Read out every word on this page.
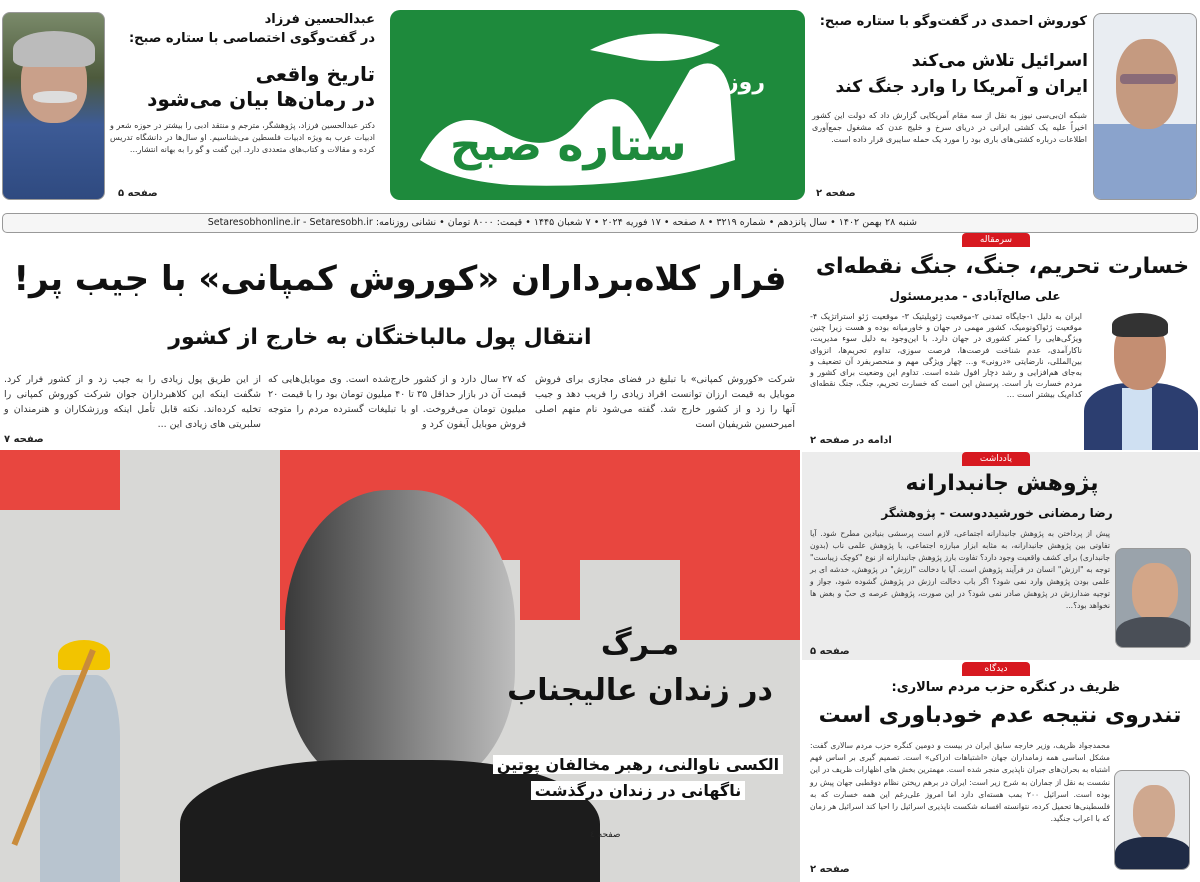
عبدالحسین فرزاد
در گفت‌وگوی اختصاصی با ستاره صبح:
تاریخ واقعی
در رمان‌ها بیان می‌شود
دکتر عبدالحسین فرزاد، پژوهشگر، مترجم و منتقد ادبی را بیشتر در حوزه شعر و ادبیات عرب به ویژه ادبیات فلسطین می‌شناسیم. او سال‌ها در دانشگاه تدریس کرده و مقالات و کتاب‌های متعددی دارد. این گفت و گو را به بهانه انتشار...
صفحه ۵
روزنامه
ستاره صبح
کوروش احمدی در گفت‌وگو با ستاره صبح:
اسرائیل تلاش می‌کند
ایران و آمریکا را وارد جنگ کند
شبکه ان‌بی‌سی نیوز به نقل از سه مقام آمریکایی گزارش داد که دولت این کشور اخیراً علیه یک کشتی ایرانی در دریای سرخ و خلیج عدن که مشغول جمع‌آوری اطلاعات درباره کشتی‌های باری بود را مورد یک حمله سایبری قرار داده است.
صفحه ۲
شنبه ۲۸ بهمن ۱۴۰۲ • سال پانزدهم • شماره ۳۲۱۹ • ۸ صفحه • ۱۷ فوریه ۲۰۲۴ • ۷ شعبان ۱۴۴۵ • قیمت: ۸۰۰۰ تومان • نشانی روزنامه: Setaresobhonline.ir - Setaresobh.ir
فرار کلاه‌برداران «کوروش کمپانی» با جیب پر!
انتقال پول مالباختگان به خارج از کشور
شرکت «کوروش کمپانی» با تبلیغ در فضای مجازی برای فروش موبایل به قیمت ارزان توانست افراد زیادی را فریب دهد و جیب آنها را زد و از کشور خارج شد. گفته می‌شود نام متهم اصلی امیرحسین شریفیان است
که ۲۷ سال دارد و از کشور خارج‌شده است. وی موبایل‌هایی که قیمت آن در بازار حداقل ۳۵ تا ۴۰ میلیون تومان بود را با قیمت ۲۰ میلیون تومان می‌فروخت. او با تبلیغات گسترده مردم را متوجه فروش موبایل آیفون کرد و
از این طریق پول زیادی را به جیب زد و از کشور فرار کرد. شگفت اینکه این کلاهبرداران جوان شرکت کوروش کمپانی را تخلیه کرده‌اند. نکته قابل تأمل اینکه ورزشکاران و هنرمندان و سلبریتی های زیادی این ...
صفحه ۷
مـرگ
در زندان عالیجناب
الکسی ناوالنی، رهبر مخالفان پوتین
ناگهانی در زندان درگذشت
صفحه ٤
سرمقاله
خسارت تحریم، جنگ، جنگ نقطه‌ای
علی صالح‌آبادی - مدیرمسئول
ایران به دلیل ۱-جایگاه تمدنی ۲-موقعیت ژئوپلیتیک ۳- موقعیت ژئو استراتژیک ۴-موقعیت ژئواکونومیک، کشور مهمی در جهان و خاورمیانه بوده و هست زیرا چنین ویژگی‌هایی را کمتر کشوری در جهان دارد. با این‌وجود به دلیل سوء مدیریت، ناکارآمدی، عدم شناخت فرصت‌ها، فرصت سوزی، تداوم تحریم‌ها، انزوای بین‌المللی، نارضایتی «درونی» و... چهار ویژگی مهم و منحصربفرد آن تضعیف و به‌جای هم‌افزایی و رشد دچار افول شده است. تداوم این وضعیت برای کشور و مردم خسارت بار است. پرسش این است که خسارت تحریم، جنگ، جنگ نقطه‌ای کدام‌یک بیشتر است ...
ادامه در صفحه ۲
یادداشت
پژوهش جانبدارانه
رضا رمضانی خورشیددوست - پژوهشگر
پیش از پرداختن به پژوهش جانبدارانه اجتماعی، لازم است پرسشی بنیادین مطرح شود. آیا تفاوتی بین پژوهش جانبدارانه، به مثابه ابزار مبارزه اجتماعی، با پژوهش علمی ناب (بدون جانبداری) برای کشف واقعیت وجود دارد؟ تفاوت بارز پژوهش جانبدارانه از نوع "کوچک زیباست" توجه به "ارزش" انسان در فرآیند پژوهش است. آیا با دخالت "ارزش" در پژوهش، خدشه ای بر علمی بودن پژوهش وارد نمی شود؟ اگر باب دخالت ارزش در پژوهش گشوده شود، جواز و توجیه ضدارزش در پژوهش صادر نمی شود؟ در این صورت، پژوهش عرصه ی حبّ و بغض ها نخواهد بود؟...
صفحه ۵
دیدگاه
ظریف در کنگره حزب مردم سالاری:
تندروی نتیجه عدم خودباوری است
محمدجواد ظریف، وزیر خارجه سابق ایران در بیست و دومین کنگره حزب مردم سالاری گفت: مشکل اساسی همه زمامداران جهان «اشتباهات ادراکی» است. تصمیم گیری بر اساس فهم اشتباه به بحران‌های جبران ناپذیری منجر شده است. مهمترین بخش های اظهارات ظریف در این نشست به نقل از جماران به شرح زیر است: ایران در برهم ریختن نظام دوقطبی جهان پیش رو بوده است. اسرائیل ۲۰۰ بمب هسته‌ای دارد اما امروز علی‌رغم این همه خسارت که به فلسطینی‌ها تحمیل کرده، نتوانسته افسانه شکست ناپذیری اسرائیل را احیا کند اسرائیل هر زمان که با اعراب جنگید.
صفحه ۲
